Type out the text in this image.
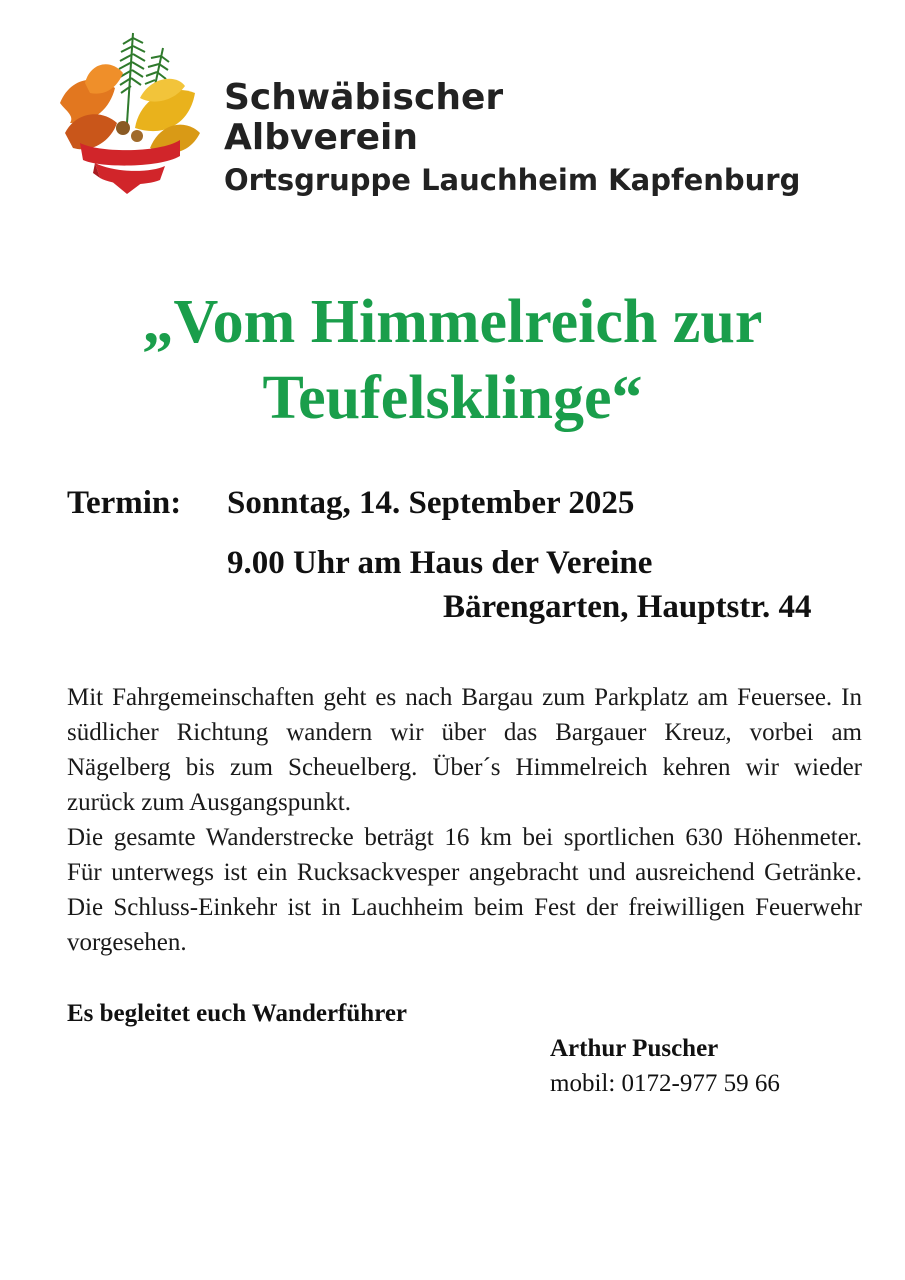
Schwäbischer
Albverein
Ortsgruppe Lauchheim Kapfenburg
„Vom Himmelreich zur
Teufelsklinge“
Termin: Sonntag, 14. September 2025
9.00 Uhr am Haus der Vereine
Bärengarten, Hauptstr. 44

Mit Fahrgemeinschaften geht es nach Bargau zum Parkplatz am Feuersee. In südlicher Richtung wandern wir über das Bargauer Kreuz, vorbei am Nägelberg bis zum Scheuelberg. Über´s Himmelreich kehren wir wieder zurück zum Ausgangspunkt.

Die gesamte Wanderstrecke beträgt 16 km bei sportlichen 630 Höhenmeter. Für unterwegs ist ein Rucksackvesper angebracht und ausreichend Getränke. Die Schluss-Einkehr ist in Lauchheim beim Fest der freiwilligen Feuerwehr vorgesehen.

Es begleitet euch Wanderführer
Arthur Puscher
mobil: 0172-977 59 66
